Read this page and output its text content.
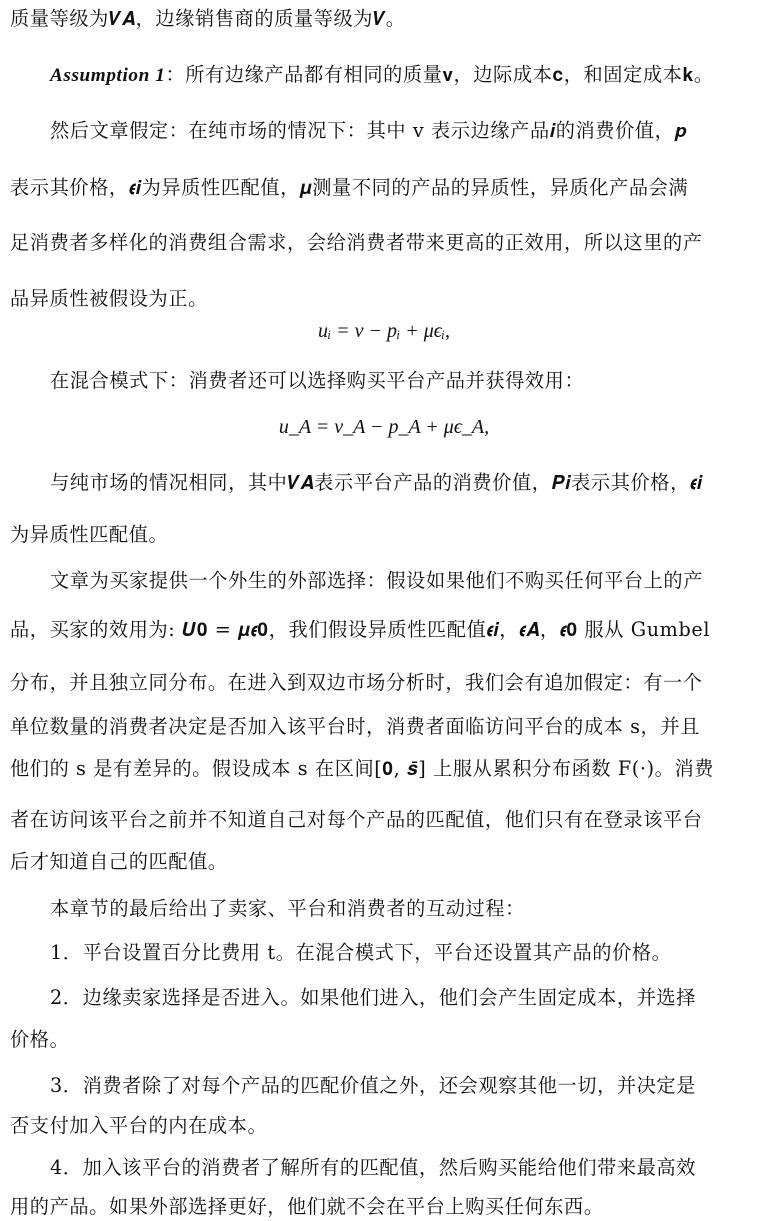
质量等级为𝑽𝑨，边缘销售商的质量等级为𝑽。
Assumption 1：所有边缘产品都有相同的质量𝐯，边际成本𝐜，和固定成本𝐤。
然后文章假定：在纯市场的情况下：其中 v 表示边缘产品𝒊的消费价值，𝒑
表示其价格，𝝐𝒊为异质性匹配值，𝝁测量不同的产品的异质性，异质化产品会满
足消费者多样化的消费组合需求，会给消费者带来更高的正效用，所以这里的产
品异质性被假设为正。
uᵢ = v − pᵢ + μϵᵢ,
在混合模式下：消费者还可以选择购买平台产品并获得效用：
u_A = v_A − p_A + μϵ_A,
与纯市场的情况相同，其中𝑽𝑨表示平台产品的消费价值，𝑷𝒊表示其价格，𝝐𝒊
为异质性匹配值。
文章为买家提供一个外生的外部选择：假设如果他们不购买任何平台上的产
品，买家的效用为: 𝑼𝟎 = 𝝁𝝐𝟎，我们假设异质性匹配值𝝐𝒊，𝝐𝑨，𝝐𝟎 服从 Gumbel
分布，并且独立同分布。在进入到双边市场分析时，我们会有追加假定：有一个
单位数量的消费者决定是否加入该平台时，消费者面临访问平台的成本 s，并且
他们的 s 是有差异的。假设成本 s 在区间[𝟎, 𝒔̄] 上服从累积分布函数 F(·)。消费
者在访问该平台之前并不知道自己对每个产品的匹配值，他们只有在登录该平台
后才知道自己的匹配值。
本章节的最后给出了卖家、平台和消费者的互动过程：
1．平台设置百分比费用 t。在混合模式下，平台还设置其产品的价格。
2．边缘卖家选择是否进入。如果他们进入，他们会产生固定成本，并选择
价格。
3．消费者除了对每个产品的匹配价值之外，还会观察其他一切，并决定是
否支付加入平台的内在成本。
4．加入该平台的消费者了解所有的匹配值，然后购买能给他们带来最高效
用的产品。如果外部选择更好，他们就不会在平台上购买任何东西。
